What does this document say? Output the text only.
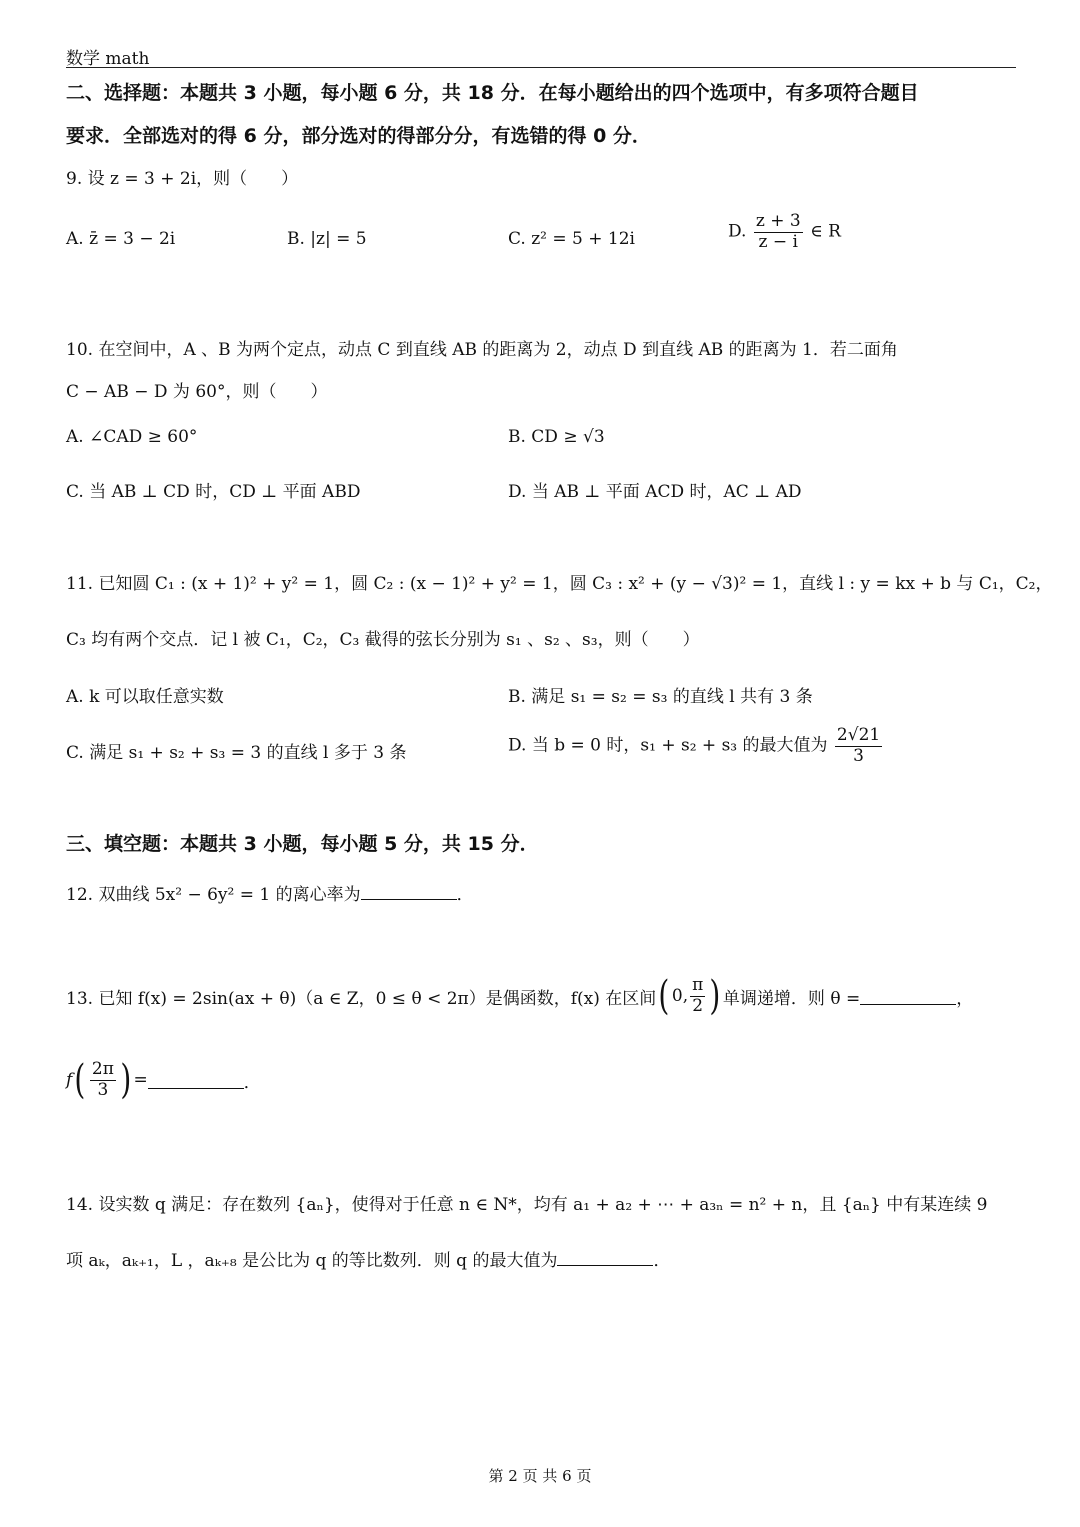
数学 math
二、选择题：本题共 3 小题，每小题 6 分，共 18 分．在每小题给出的四个选项中，有多项符合题目
要求．全部选对的得 6 分，部分选对的得部分分，有选错的得 0 分．
9. 设 z = 3 + 2i，则（　　）
A. z̄ = 3 − 2i	B. |z| = 5	C. z² = 5 + 12i	D. $\frac{z + 3}{z - i}$ ∈ R
10. 在空间中，A 、B 为两个定点，动点 C 到直线 AB 的距离为 2，动点 D 到直线 AB 的距离为 1．若二面角
C − AB − D 为 60°，则（　　）
A. ∠CAD ≥ 60°	B. CD ≥ √3
C. 当 AB ⊥ CD 时，CD ⊥ 平面 ABD	D. 当 AB ⊥ 平面 ACD 时，AC ⊥ AD
11. 已知圆 C₁ : (x + 1)² + y² = 1，圆 C₂ : (x − 1)² + y² = 1，圆 C₃ : x² + (y − √3)² = 1，直线 l : y = kx + b 与 C₁，C₂，
C₃ 均有两个交点．记 l 被 C₁，C₂，C₃ 截得的弦长分别为 s₁ 、s₂ 、s₃，则（　　）
A. k 可以取任意实数	B. 满足 s₁ = s₂ = s₃ 的直线 l 共有 3 条
C. 满足 s₁ + s₂ + s₃ = 3 的直线 l 多于 3 条	D. 当 b = 0 时，s₁ + s₂ + s₃ 的最大值为 $\frac{2√21}{3}$
三、填空题：本题共 3 小题，每小题 5 分，共 15 分．
12. 双曲线 5x² − 6y² = 1 的离心率为	．
13. 已知 f(x) = 2sin(ax + θ)（a ∈ Z，0 ≤ θ < 2π）是偶函数，f(x) 在区间 ( 0, $\frac{\pi}{2}$ ) 单调递增．则 θ =	，
f ( $\frac{2\pi}{3}$ ) =	．
14. 设实数 q 满足：存在数列 {aₙ}，使得对于任意 n ∈ N*，均有 a₁ + a₂ + ⋯ + a₃ₙ = n² + n，且 {aₙ} 中有某连续 9
项 aₖ，aₖ₊₁，L ，aₖ₊₈ 是公比为 q 的等比数列．则 q 的最大值为	．
第 2 页 共 6 页
